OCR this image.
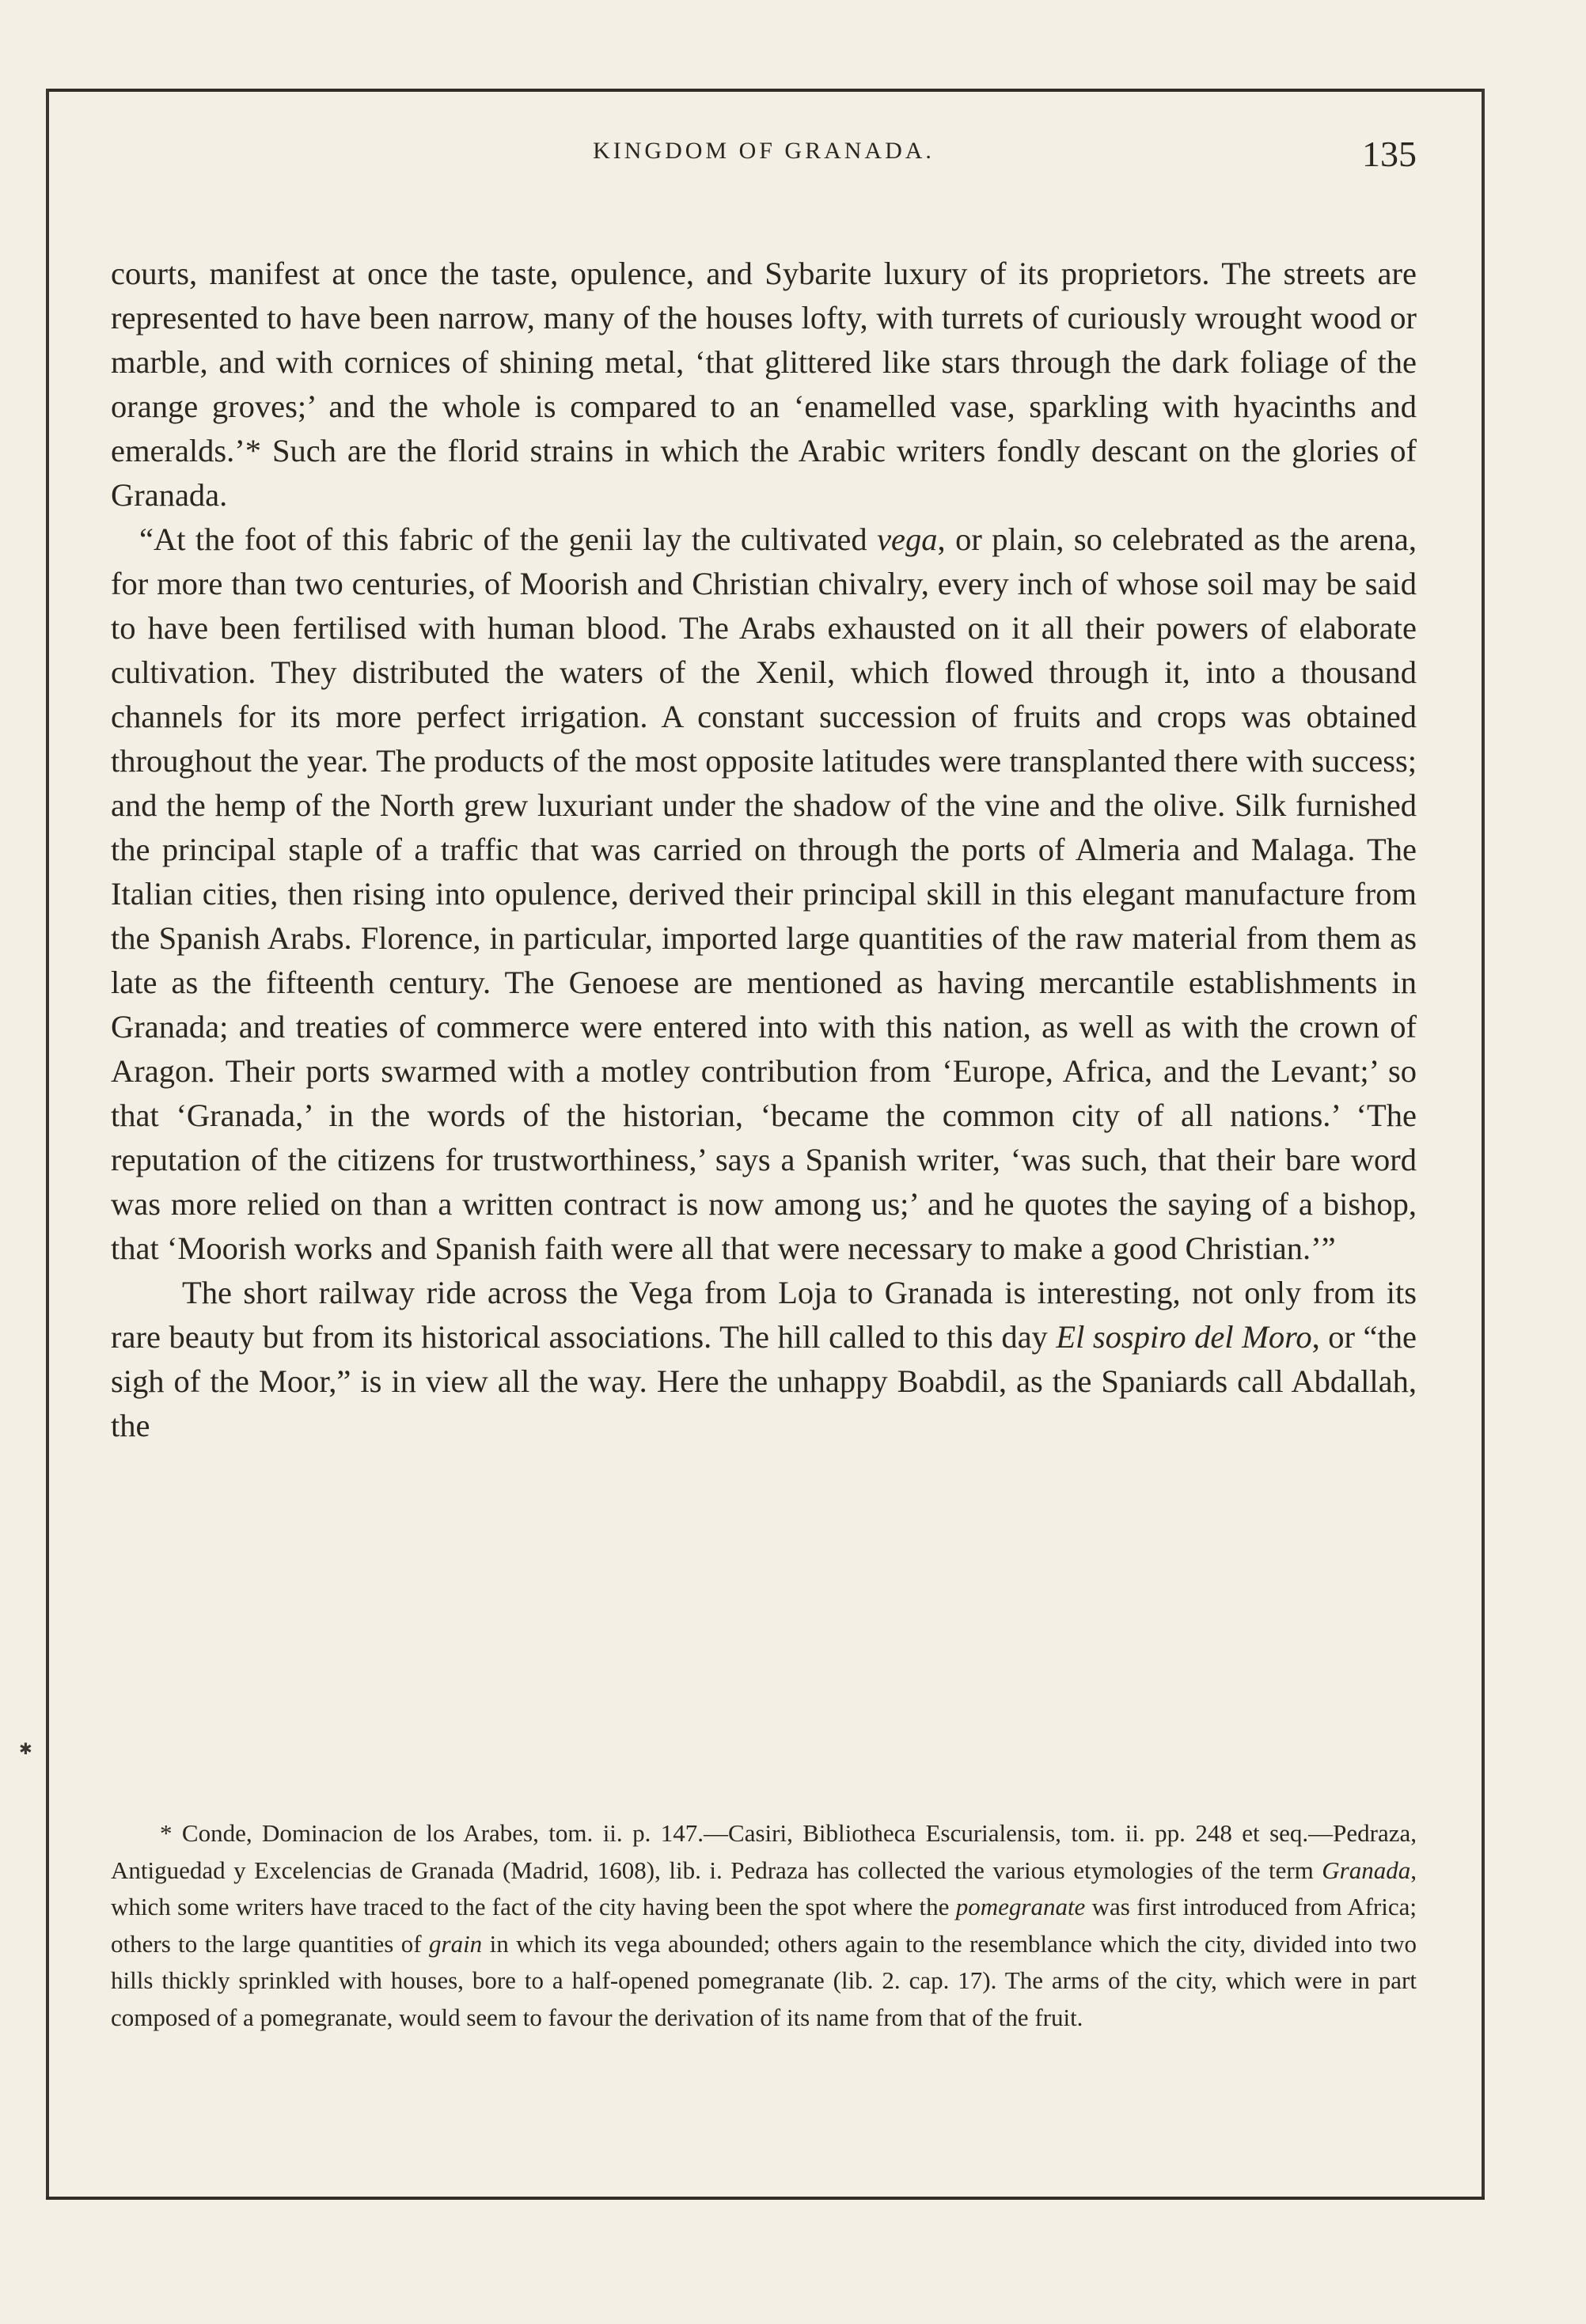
KINGDOM OF GRANADA.	135

courts, manifest at once the taste, opulence, and Sybarite luxury of its proprietors. The streets are represented to have been narrow, many of the houses lofty, with turrets of curiously wrought wood or marble, and with cornices of shining metal, ‘that glittered like stars through the dark foliage of the orange groves;’ and the whole is compared to an ‘enamelled vase, sparkling with hyacinths and emeralds.’* Such are the florid strains in which the Arabic writers fondly descant on the glories of Granada.

“At the foot of this fabric of the genii lay the cultivated vega, or plain, so celebrated as the arena, for more than two centuries, of Moorish and Christian chivalry, every inch of whose soil may be said to have been fertilised with human blood. The Arabs exhausted on it all their powers of elaborate cultivation. They distributed the waters of the Xenil, which flowed through it, into a thousand channels for its more perfect irrigation. A constant succession of fruits and crops was obtained throughout the year. The products of the most opposite latitudes were transplanted there with success; and the hemp of the North grew luxuriant under the shadow of the vine and the olive. Silk furnished the principal staple of a traffic that was carried on through the ports of Almeria and Malaga. The Italian cities, then rising into opulence, derived their principal skill in this elegant manufacture from the Spanish Arabs. Florence, in particular, imported large quantities of the raw material from them as late as the fifteenth century. The Genoese are mentioned as having mercantile establishments in Granada; and treaties of commerce were entered into with this nation, as well as with the crown of Aragon. Their ports swarmed with a motley contribution from ‘Europe, Africa, and the Levant;’ so that ‘Granada,’ in the words of the historian, ‘became the common city of all nations.’ ‘The reputation of the citizens for trustworthiness,’ says a Spanish writer, ‘was such, that their bare word was more relied on than a written contract is now among us;’ and he quotes the saying of a bishop, that ‘Moorish works and Spanish faith were all that were necessary to make a good Christian.’”

The short railway ride across the Vega from Loja to Granada is interesting, not only from its rare beauty but from its historical associations. The hill called to this day El sospiro del Moro, or “the sigh of the Moor,” is in view all the way. Here the unhappy Boabdil, as the Spaniards call Abdallah, the

✱

* Conde, Dominacion de los Arabes, tom. ii. p. 147.—Casiri, Bibliotheca Escurialensis, tom. ii. pp. 248 et seq.—Pedraza, Antiguedad y Excelencias de Granada (Madrid, 1608), lib. i. Pedraza has collected the various etymologies of the term Granada, which some writers have traced to the fact of the city having been the spot where the pomegranate was first introduced from Africa; others to the large quantities of grain in which its vega abounded; others again to the resemblance which the city, divided into two hills thickly sprinkled with houses, bore to a half-opened pomegranate (lib. 2. cap. 17). The arms of the city, which were in part composed of a pomegranate, would seem to favour the derivation of its name from that of the fruit.
